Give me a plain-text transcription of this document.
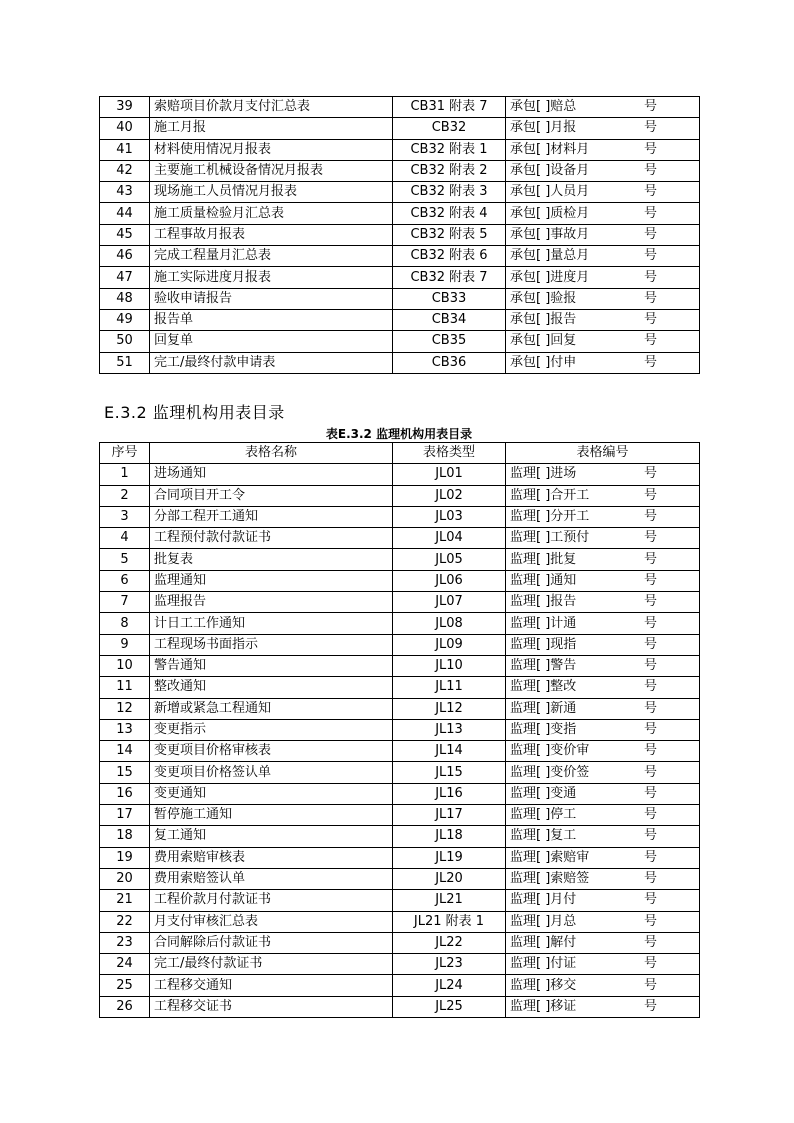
39	索赔项目价款月支付汇总表	CB31 附表 7	承包[ ]赔总 号

40	施工月报	CB32	承包[ ]月报 号

41	材料使用情况月报表	CB32 附表 1	承包[ ]材料月 号

42	主要施工机械设备情况月报表	CB32 附表 2	承包[ ]设备月 号

43	现场施工人员情况月报表	CB32 附表 3	承包[ ]人员月 号

44	施工质量检验月汇总表	CB32 附表 4	承包[ ]质检月 号

45	工程事故月报表	CB32 附表 5	承包[ ]事故月 号

46	完成工程量月汇总表	CB32 附表 6	承包[ ]量总月 号

47	施工实际进度月报表	CB32 附表 7	承包[ ]进度月 号

48	验收申请报告	CB33	承包[ ]验报 号

49	报告单	CB34	承包[ ]报告 号

50	回复单	CB35	承包[ ]回复 号

51	完工/最终付款申请表	CB36	承包[ ]付申 号
E.3.2 监理机构用表目录
表E.3.2 监理机构用表目录
序号	表格名称	表格类型	表格编号
1	进场通知	JL01	监理[ ]进场 号

2	合同项目开工令	JL02	监理[ ]合开工 号

3	分部工程开工通知	JL03	监理[ ]分开工 号

4	工程预付款付款证书	JL04	监理[ ]工预付 号

5	批复表	JL05	监理[ ]批复 号

6	监理通知	JL06	监理[ ]通知 号

7	监理报告	JL07	监理[ ]报告 号

8	计日工工作通知	JL08	监理[ ]计通 号

9	工程现场书面指示	JL09	监理[ ]现指 号

10	警告通知	JL10	监理[ ]警告 号

11	整改通知	JL11	监理[ ]整改 号

12	新增或紧急工程通知	JL12	监理[ ]新通 号

13	变更指示	JL13	监理[ ]变指 号

14	变更项目价格审核表	JL14	监理[ ]变价审 号

15	变更项目价格签认单	JL15	监理[ ]变价签 号

16	变更通知	JL16	监理[ ]变通 号

17	暂停施工通知	JL17	监理[ ]停工 号

18	复工通知	JL18	监理[ ]复工 号

19	费用索赔审核表	JL19	监理[ ]索赔审 号

20	费用索赔签认单	JL20	监理[ ]索赔签 号

21	工程价款月付款证书	JL21	监理[ ]月付 号

22	月支付审核汇总表	JL21 附表 1	监理[ ]月总 号

23	合同解除后付款证书	JL22	监理[ ]解付 号

24	完工/最终付款证书	JL23	监理[ ]付证 号

25	工程移交通知	JL24	监理[ ]移交 号

26	工程移交证书	JL25	监理[ ]移证 号
